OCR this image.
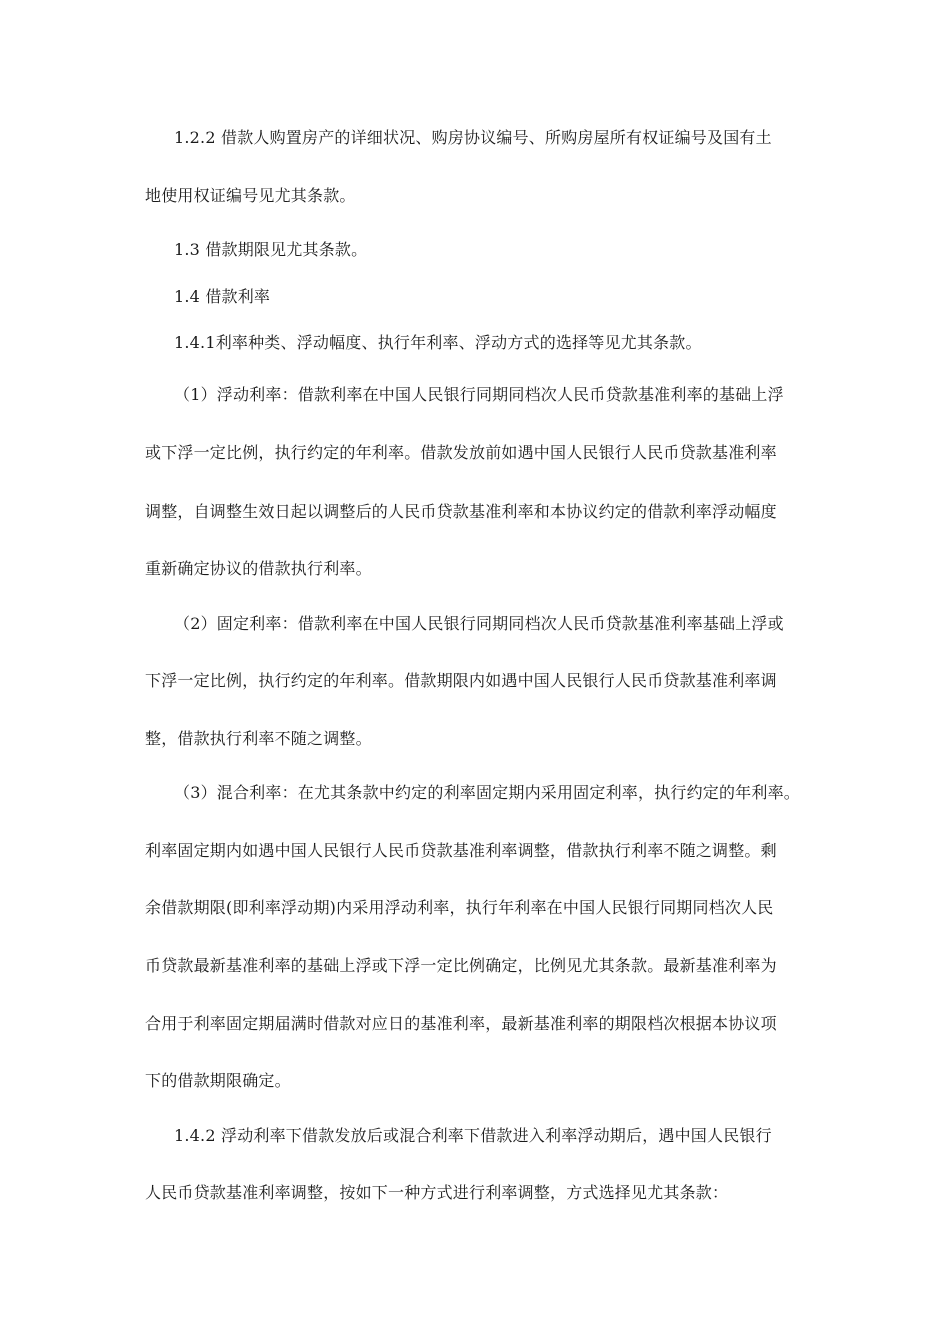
1.2.2 借款人购置房产的详细状况、购房协议编号、所购房屋所有权证编号及国有土
地使用权证编号见尤其条款。
1.3 借款期限见尤其条款。
1.4 借款利率
1.4.1利率种类、浮动幅度、执行年利率、浮动方式的选择等见尤其条款。
（1）浮动利率：借款利率在中国人民银行同期同档次人民币贷款基准利率的基础上浮
或下浮一定比例，执行约定的年利率。借款发放前如遇中国人民银行人民币贷款基准利率
调整，自调整生效日起以调整后的人民币贷款基准利率和本协议约定的借款利率浮动幅度
重新确定协议的借款执行利率。
（2）固定利率：借款利率在中国人民银行同期同档次人民币贷款基准利率基础上浮或
下浮一定比例，执行约定的年利率。借款期限内如遇中国人民银行人民币贷款基准利率调
整，借款执行利率不随之调整。
（3）混合利率：在尤其条款中约定的利率固定期内采用固定利率，执行约定的年利率。
利率固定期内如遇中国人民银行人民币贷款基准利率调整，借款执行利率不随之调整。剩
余借款期限(即利率浮动期)内采用浮动利率，执行年利率在中国人民银行同期同档次人民
币贷款最新基准利率的基础上浮或下浮一定比例确定，比例见尤其条款。最新基准利率为
合用于利率固定期届满时借款对应日的基准利率，最新基准利率的期限档次根据本协议项
下的借款期限确定。
1.4.2 浮动利率下借款发放后或混合利率下借款进入利率浮动期后，遇中国人民银行
人民币贷款基准利率调整，按如下一种方式进行利率调整，方式选择见尤其条款：
